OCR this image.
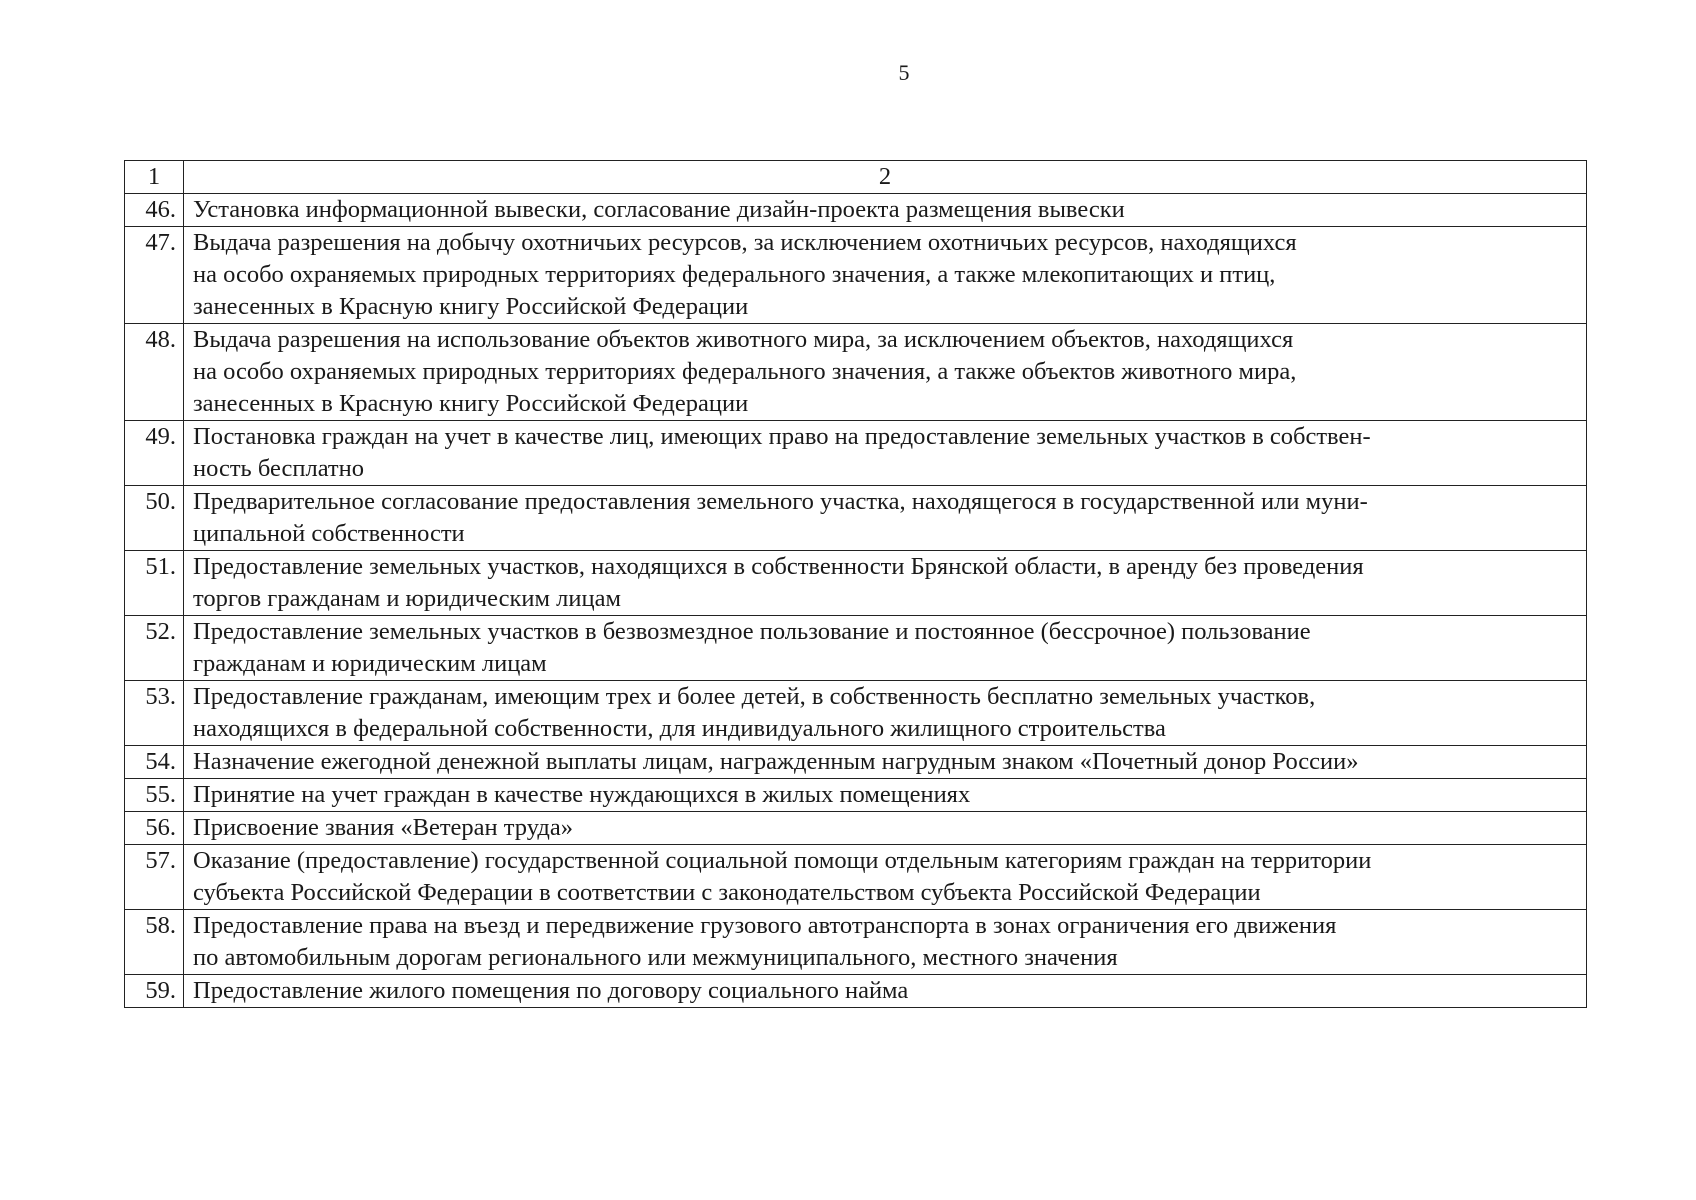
5
1	2
46.	Установка информационной вывески, согласование дизайн-проекта размещения вывески

47.	Выдача разрешения на добычу охотничьих ресурсов, за исключением охотничьих ресурсов, находящихся
на особо охраняемых природных территориях федерального значения, а также млекопитающих и птиц,
занесенных в Красную книгу Российской Федерации

48.	Выдача разрешения на использование объектов животного мира, за исключением объектов, находящихся
на особо охраняемых природных территориях федерального значения, а также объектов животного мира,
занесенных в Красную книгу Российской Федерации

49.	Постановка граждан на учет в качестве лиц, имеющих право на предоставление земельных участков в собствен-
ность бесплатно

50.	Предварительное согласование предоставления земельного участка, находящегося в государственной или муни-
ципальной собственности

51.	Предоставление земельных участков, находящихся в собственности Брянской области, в аренду без проведения
торгов гражданам и юридическим лицам

52.	Предоставление земельных участков в безвозмездное пользование и постоянное (бессрочное) пользование
гражданам и юридическим лицам

53.	Предоставление гражданам, имеющим трех и более детей, в собственность бесплатно земельных участков,
находящихся в федеральной собственности, для индивидуального жилищного строительства

54.	Назначение ежегодной денежной выплаты лицам, награжденным нагрудным знаком «Почетный донор России»

55.	Принятие на учет граждан в качестве нуждающихся в жилых помещениях

56.	Присвоение звания «Ветеран труда»

57.	Оказание (предоставление) государственной социальной помощи отдельным категориям граждан на территории
субъекта Российской Федерации в соответствии с законодательством субъекта Российской Федерации

58.	Предоставление права на въезд и передвижение грузового автотранспорта в зонах ограничения его движения
по автомобильным дорогам регионального или межмуниципального, местного значения

59.	Предоставление жилого помещения по договору социального найма
